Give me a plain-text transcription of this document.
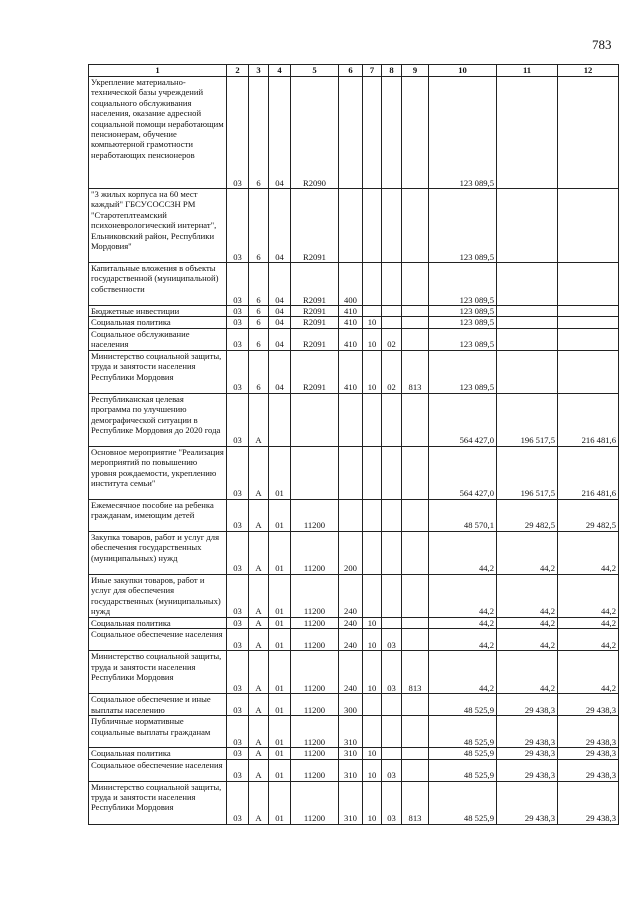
783
1	2	3	4	5	6	7	8	9	10	11	12
Укрепление материально-технической базы учреждений социального обслуживания населения, оказание адресной социальной помощи неработающим пенсионерам, обучение компьютерной грамотности неработающих пенсионеров	03	6	04	R2090					123 089,5		
"3 жилых корпуса на 60 мест каждый" ГБСУСОССЗН РМ "Старотеплтеамский психоневрологический интернат", Ельниковский район, Республики Мордовия"	03	6	04	R2091					123 089,5		
Капитальные вложения в объекты государственной (муниципальной) собственности	03	6	04	R2091	400				123 089,5		
Бюджетные инвестиции	03	6	04	R2091	410				123 089,5		
Социальная политика	03	6	04	R2091	410	10			123 089,5		
Социальное обслуживание населения	03	6	04	R2091	410	10	02		123 089,5		
Министерство социальной защиты, труда и занятости населения Республики Мордовия	03	6	04	R2091	410	10	02	813	123 089,5		
Республиканская целевая программа по улучшению демографической ситуации в Республике Мордовия до 2020 года	03	А							564 427,0	196 517,5	216 481,6
Основное мероприятие "Реализация мероприятий по повышению уровня рождаемости, укреплению института семьи"	03	А	01						564 427,0	196 517,5	216 481,6
Ежемесячное пособие на ребенка гражданам, имеющим детей	03	А	01	11200					48 570,1	29 482,5	29 482,5
Закупка товаров, работ и услуг для обеспечения государственных (муниципальных) нужд	03	А	01	11200	200				44,2	44,2	44,2
Иные закупки товаров, работ и услуг для обеспечения государственных (муниципальных) нужд	03	А	01	11200	240				44,2	44,2	44,2
Социальная политика	03	А	01	11200	240	10			44,2	44,2	44,2
Социальное обеспечение населения	03	А	01	11200	240	10	03		44,2	44,2	44,2
Министерство социальной защиты, труда и занятости населения Республики Мордовия	03	А	01	11200	240	10	03	813	44,2	44,2	44,2
Социальное обеспечение и иные выплаты населению	03	А	01	11200	300				48 525,9	29 438,3	29 438,3
Публичные нормативные социальные выплаты гражданам	03	А	01	11200	310				48 525,9	29 438,3	29 438,3
Социальная политика	03	А	01	11200	310	10			48 525,9	29 438,3	29 438,3
Социальное обеспечение населения	03	А	01	11200	310	10	03		48 525,9	29 438,3	29 438,3
Министерство социальной защиты, труда и занятости населения Республики Мордовия	03	А	01	11200	310	10	03	813	48 525,9	29 438,3	29 438,3
